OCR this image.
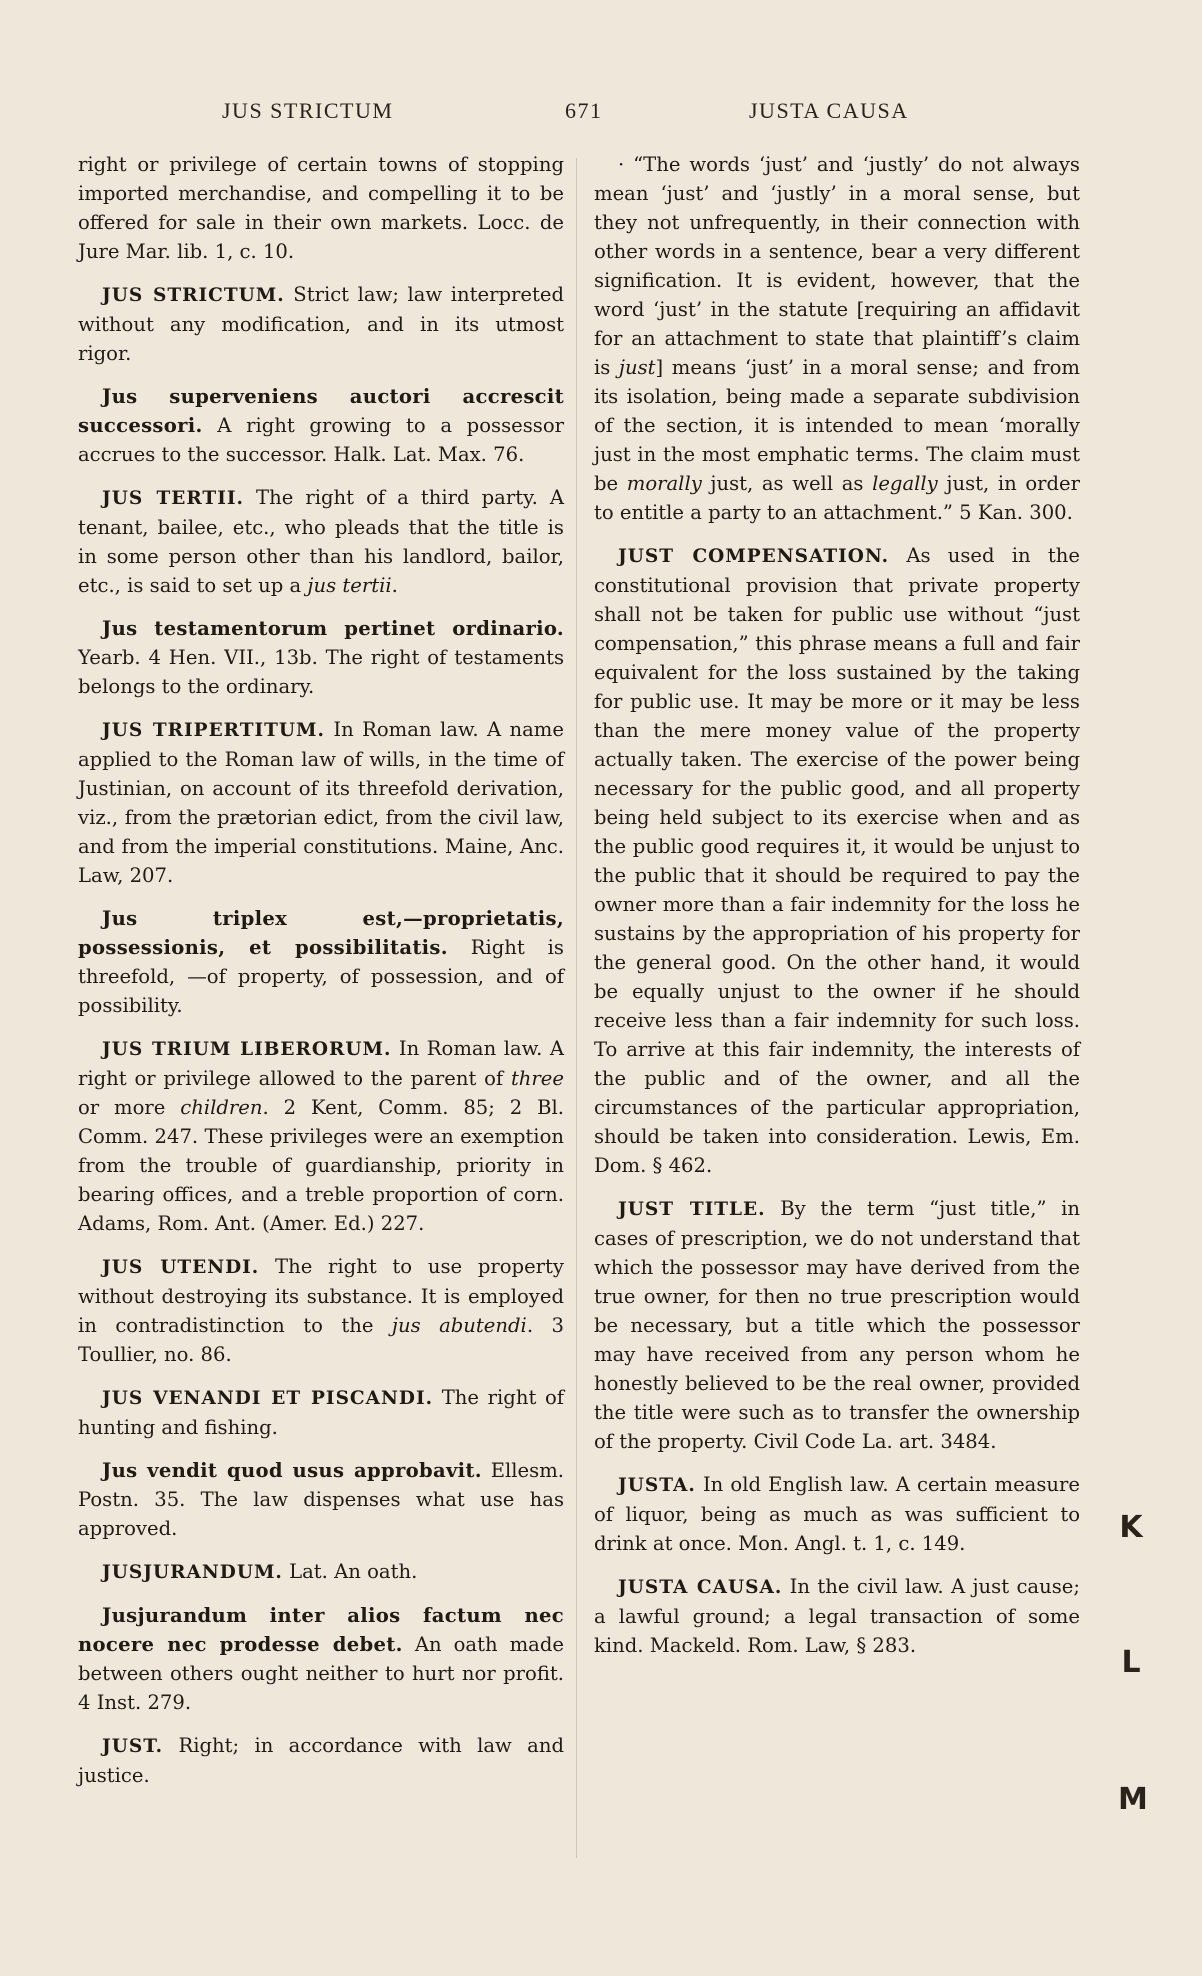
JUS STRICTUM	671	JUSTA CAUSA

right or privilege of certain towns of stopping imported merchandise, and compelling it to be offered for sale in their own markets. Locc. de Jure Mar. lib. 1, c. 10.

JUS STRICTUM. Strict law; law interpreted without any modification, and in its utmost rigor.

Jus superveniens auctori accrescit successori. A right growing to a possessor accrues to the successor. Halk. Lat. Max. 76.

JUS TERTII. The right of a third party. A tenant, bailee, etc., who pleads that the title is in some person other than his landlord, bailor, etc., is said to set up a jus tertii.

Jus testamentorum pertinet ordinario. Yearb. 4 Hen. VII., 13b. The right of testaments belongs to the ordinary.

JUS TRIPERTITUM. In Roman law. A name applied to the Roman law of wills, in the time of Justinian, on account of its threefold derivation, viz., from the prætorian edict, from the civil law, and from the imperial constitutions. Maine, Anc. Law, 207.

Jus triplex est,—proprietatis, possessionis, et possibilitatis. Right is threefold, —of property, of possession, and of possibility.

JUS TRIUM LIBERORUM. In Roman law. A right or privilege allowed to the parent of three or more children. 2 Kent, Comm. 85; 2 Bl. Comm. 247. These privileges were an exemption from the trouble of guardianship, priority in bearing offices, and a treble proportion of corn. Adams, Rom. Ant. (Amer. Ed.) 227.

JUS UTENDI. The right to use property without destroying its substance. It is employed in contradistinction to the jus abutendi. 3 Toullier, no. 86.

JUS VENANDI ET PISCANDI. The right of hunting and fishing.

Jus vendit quod usus approbavit. Ellesm. Postn. 35. The law dispenses what use has approved.

JUSJURANDUM. Lat. An oath.

Jusjurandum inter alios factum nec nocere nec prodesse debet. An oath made between others ought neither to hurt nor profit. 4 Inst. 279.

JUST. Right; in accordance with law and justice.

· “The words ‘just’ and ‘justly’ do not always mean ‘just’ and ‘justly’ in a moral sense, but they not unfrequently, in their connection with other words in a sentence, bear a very different signification. It is evident, however, that the word ‘just’ in the statute [requiring an affidavit for an attachment to state that plaintiff’s claim is just] means ‘just’ in a moral sense; and from its isolation, being made a separate subdivision of the section, it is intended to mean ‘morally just in the most emphatic terms. The claim must be morally just, as well as legally just, in order to entitle a party to an attachment.” 5 Kan. 300.

JUST COMPENSATION. As used in the constitutional provision that private property shall not be taken for public use without “just compensation,” this phrase means a full and fair equivalent for the loss sustained by the taking for public use. It may be more or it may be less than the mere money value of the property actually taken. The exercise of the power being necessary for the public good, and all property being held subject to its exercise when and as the public good requires it, it would be unjust to the public that it should be required to pay the owner more than a fair indemnity for the loss he sustains by the appropriation of his property for the general good. On the other hand, it would be equally unjust to the owner if he should receive less than a fair indemnity for such loss. To arrive at this fair indemnity, the interests of the public and of the owner, and all the circumstances of the particular appropriation, should be taken into consideration. Lewis, Em. Dom. § 462.

JUST TITLE. By the term “just title,” in cases of prescription, we do not understand that which the possessor may have derived from the true owner, for then no true prescription would be necessary, but a title which the possessor may have received from any person whom he honestly believed to be the real owner, provided the title were such as to transfer the ownership of the property. Civil Code La. art. 3484.

JUSTA. In old English law. A certain measure of liquor, being as much as was sufficient to drink at once. Mon. Angl. t. 1, c. 149.

JUSTA CAUSA. In the civil law. A just cause; a lawful ground; a legal transaction of some kind. Mackeld. Rom. Law, § 283.

K
L
M
